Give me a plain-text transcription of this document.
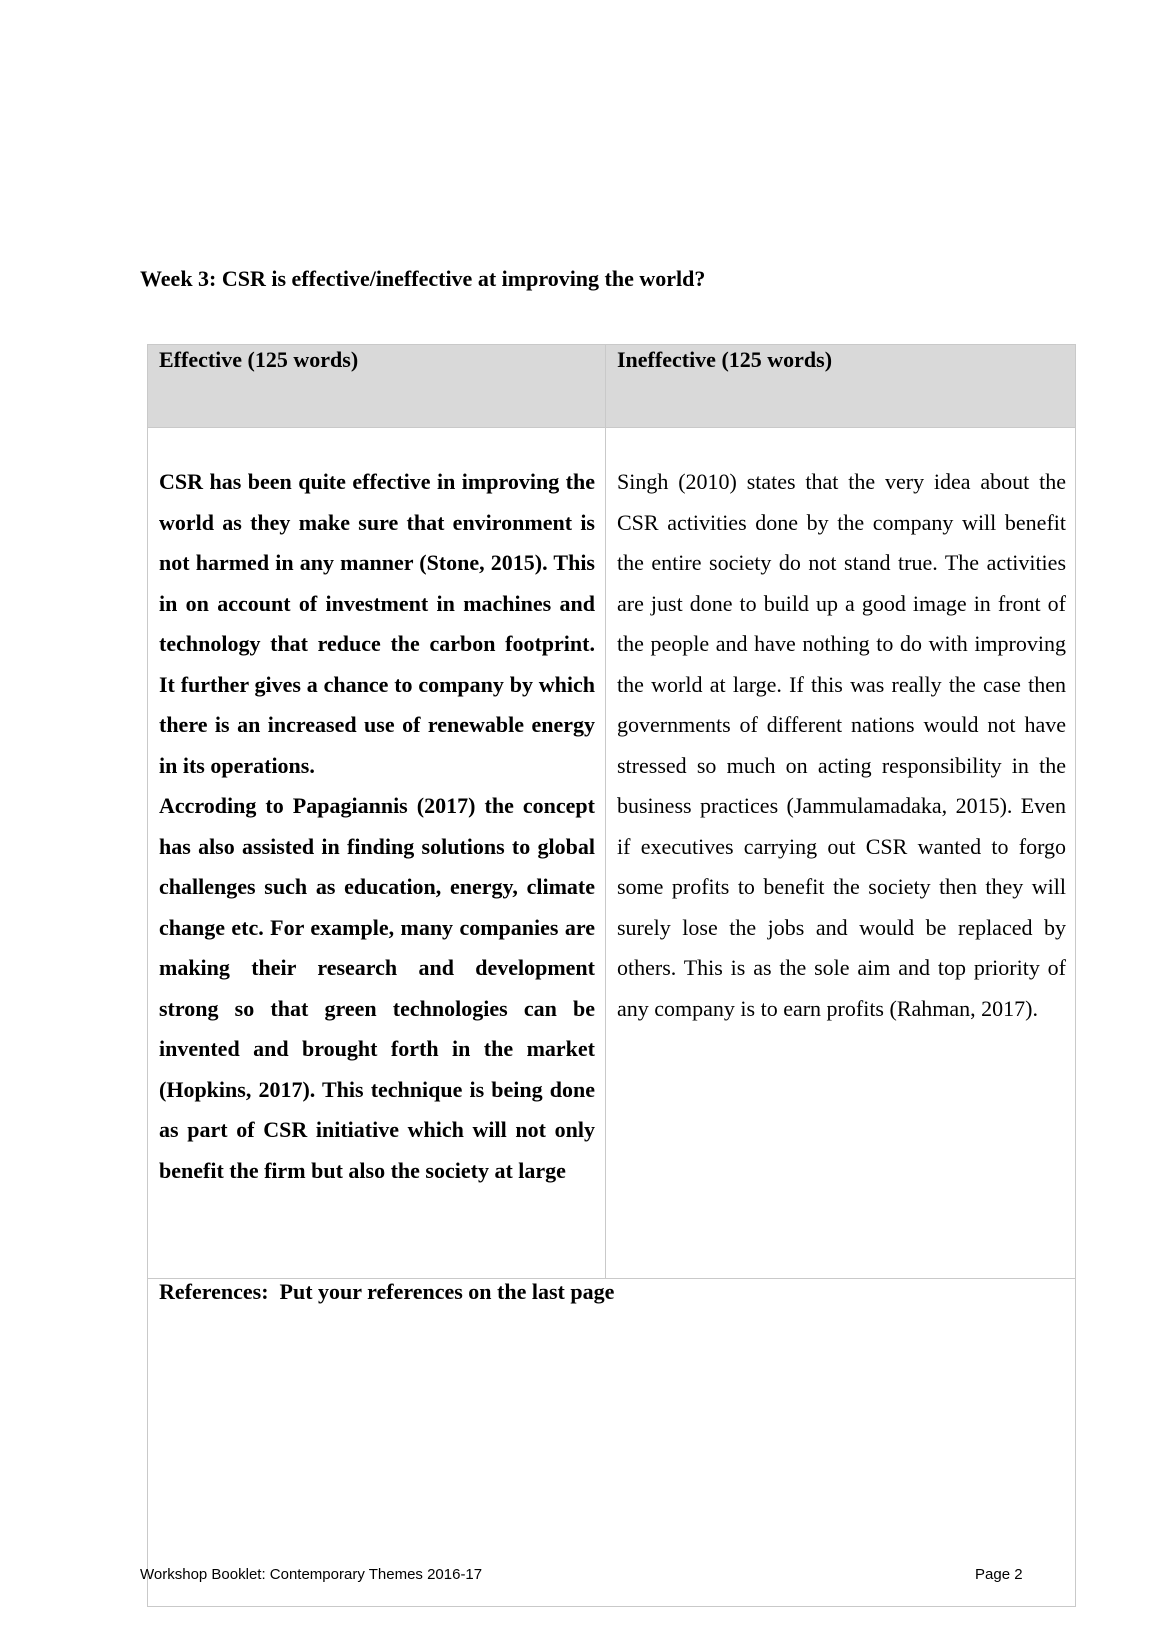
Week 3: CSR is effective/ineffective at improving the world?
Effective (125 words)	Ineffective (125 words)

CSR has been quite effective in improving the world as they make sure that environment is not harmed in any manner (Stone, 2015). This in on account of investment in machines and technology that reduce the carbon footprint. It further gives a chance to company by which there is an increased use of renewable energy in its operations.

Accroding to Papagiannis (2017) the concept has also assisted in finding solutions to global challenges such as education, energy, climate change etc. For example, many companies are making their research and development strong so that green technologies can be invented and brought forth in the market (Hopkins, 2017). This technique is being done as part of CSR initiative which will not only benefit the firm but also the society at large

Singh (2010) states that the very idea about the CSR activities done by the company will benefit the entire society do not stand true. The activities are just done to build up a good image in front of the people and have nothing to do with improving the world at large. If this was really the case then governments of different nations would not have stressed so much on acting responsibility in the business practices (Jammulamadaka, 2015). Even if executives carrying out CSR wanted to forgo some profits to benefit the society then they will surely lose the jobs and would be replaced by others. This is as the sole aim and top priority of any company is to earn profits (Rahman, 2017).

References:  Put your references on the last page
Workshop Booklet: Contemporary Themes 2016-17	Page 2
